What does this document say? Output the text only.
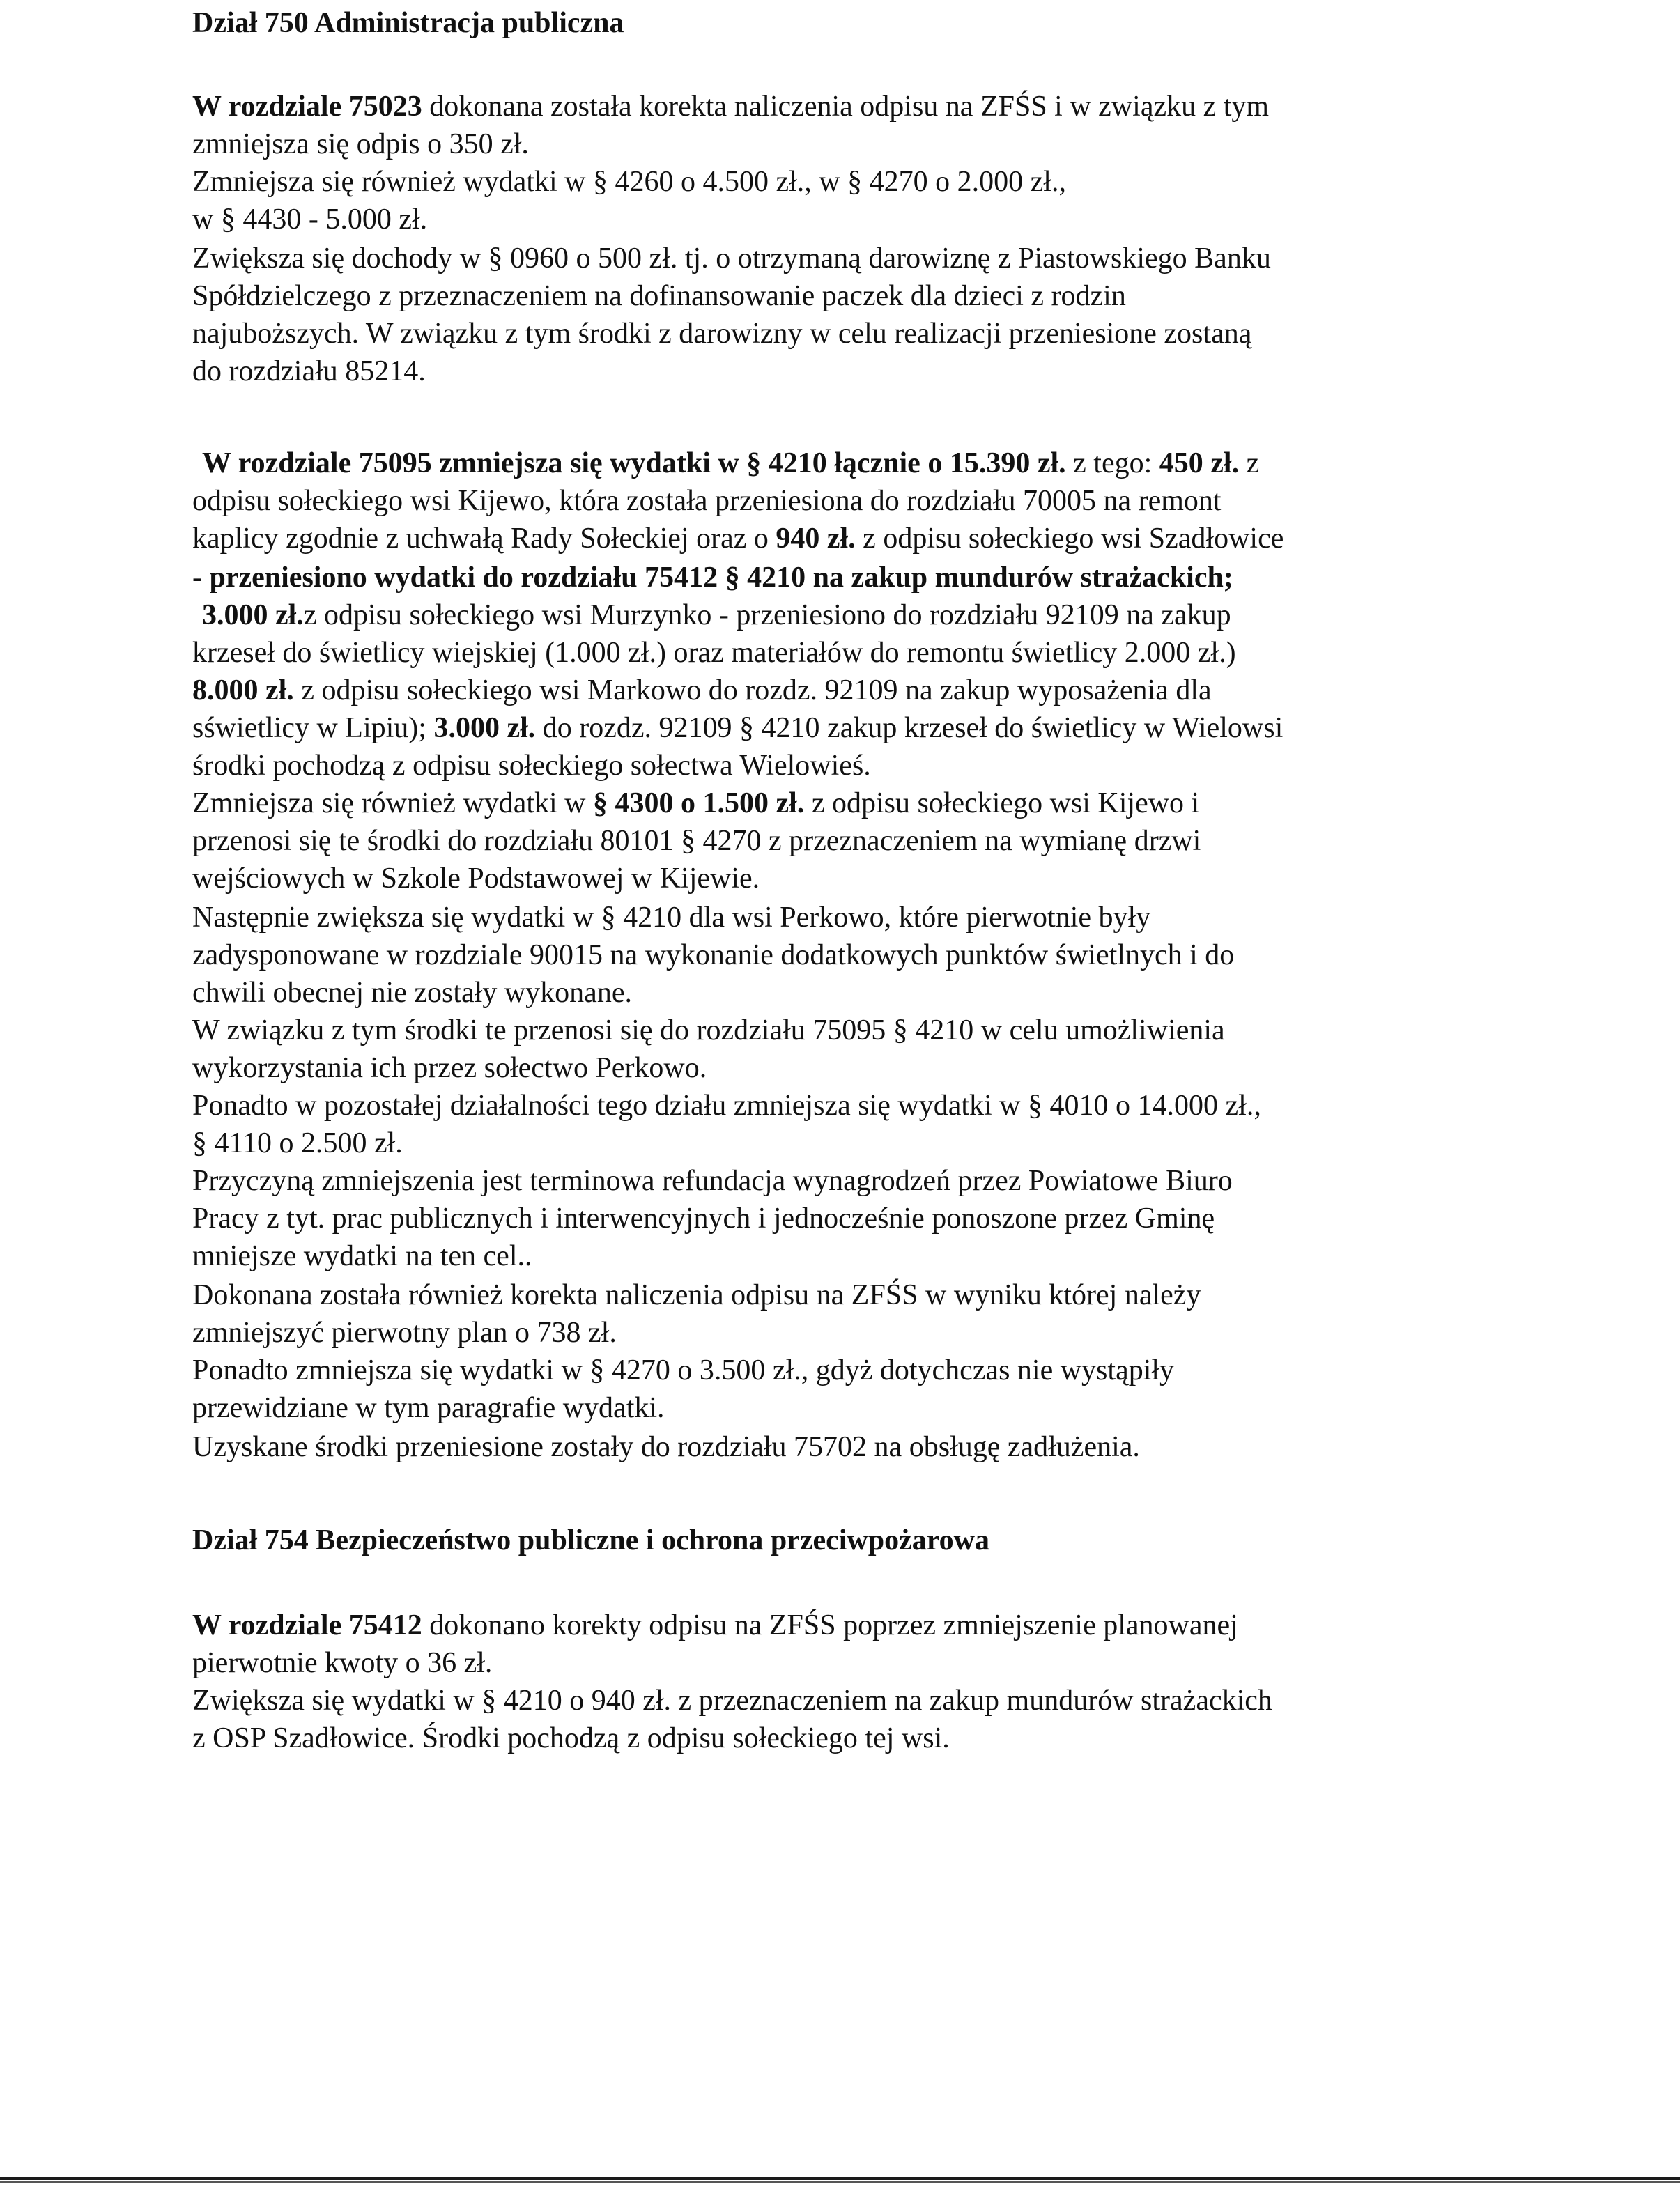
Dział 750 Administracja publiczna
W rozdziale 75023 dokonana została korekta naliczenia odpisu na ZFŚS i w związku z tym
zmniejsza się odpis o 350 zł.
Zmniejsza się również wydatki w § 4260 o 4.500 zł., w § 4270 o 2.000 zł.,
w § 4430 - 5.000 zł.
Zwiększa się dochody w § 0960 o 500 zł. tj. o otrzymaną darowiznę z Piastowskiego Banku
Spółdzielczego z przeznaczeniem na dofinansowanie paczek dla dzieci z rodzin
najuboższych. W związku z tym środki z darowizny w celu realizacji przeniesione zostaną
do rozdziału 85214.
W rozdziale 75095 zmniejsza się wydatki w § 4210 łącznie o 15.390 zł. z tego: 450 zł. z
odpisu sołeckiego wsi Kijewo, która została przeniesiona do rozdziału 70005 na remont
kaplicy zgodnie z uchwałą Rady Sołeckiej oraz o 940 zł. z odpisu sołeckiego wsi Szadłowice
- przeniesiono wydatki do rozdziału 75412 § 4210 na zakup mundurów strażackich;
3.000 zł.z odpisu sołeckiego wsi Murzynko - przeniesiono do rozdziału 92109 na zakup
krzeseł do świetlicy wiejskiej (1.000 zł.) oraz materiałów do remontu świetlicy 2.000 zł.)
8.000 zł. z odpisu sołeckiego wsi Markowo do rozdz. 92109 na zakup wyposażenia dla
sświetlicy w Lipiu); 3.000 zł. do rozdz. 92109 § 4210 zakup krzeseł do świetlicy w Wielowsi
środki pochodzą z odpisu sołeckiego sołectwa Wielowieś.
Zmniejsza się również wydatki w § 4300 o 1.500 zł. z odpisu sołeckiego wsi Kijewo i
przenosi się te środki do rozdziału 80101 § 4270 z przeznaczeniem na wymianę drzwi
wejściowych w Szkole Podstawowej w Kijewie.
Następnie zwiększa się wydatki w § 4210 dla wsi Perkowo, które pierwotnie były
zadysponowane w rozdziale 90015 na wykonanie dodatkowych punktów świetlnych i do
chwili obecnej nie zostały wykonane.
W związku z tym środki te przenosi się do rozdziału 75095 § 4210 w celu umożliwienia
wykorzystania ich przez sołectwo Perkowo.
Ponadto w pozostałej działalności tego działu zmniejsza się wydatki w § 4010 o 14.000 zł.,
§ 4110 o 2.500 zł.
Przyczyną zmniejszenia jest terminowa refundacja wynagrodzeń przez Powiatowe Biuro
Pracy z tyt. prac publicznych i interwencyjnych i jednocześnie ponoszone przez Gminę
mniejsze wydatki na ten cel..
Dokonana została również korekta naliczenia odpisu na ZFŚS w wyniku której należy
zmniejszyć pierwotny plan o 738 zł.
Ponadto zmniejsza się wydatki w § 4270 o 3.500 zł., gdyż dotychczas nie wystąpiły
przewidziane w tym paragrafie wydatki.
Uzyskane środki przeniesione zostały do rozdziału 75702 na obsługę zadłużenia.
Dział 754 Bezpieczeństwo publiczne i ochrona przeciwpożarowa
W rozdziale 75412 dokonano korekty odpisu na ZFŚS poprzez zmniejszenie planowanej
pierwotnie kwoty o 36 zł.
Zwiększa się wydatki w § 4210 o 940 zł. z przeznaczeniem na zakup mundurów strażackich
z OSP Szadłowice. Środki pochodzą z odpisu sołeckiego tej wsi.
